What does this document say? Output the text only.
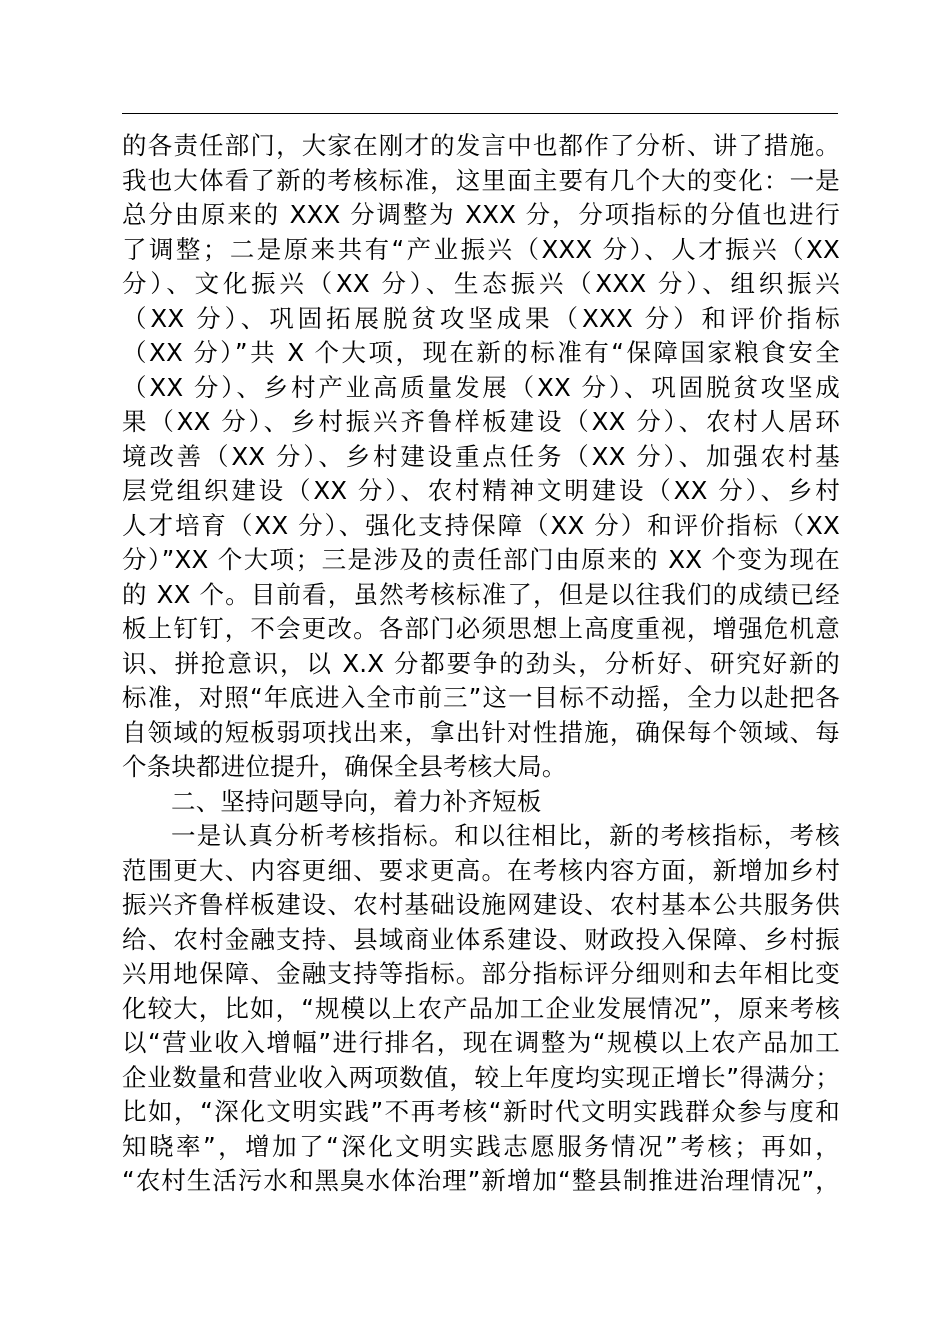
的各责任部门，大家在刚才的发言中也都作了分析、讲了措施。
我也大体看了新的考核标准，这里面主要有几个大的变化：一是
总分由原来的 XXX 分调整为 XXX 分，分项指标的分值也进行
了调整；二是原来共有“产业振兴（XXX 分）、人才振兴（XX
分）、文化振兴（XX 分）、生态振兴（XXX 分）、组织振兴
（XX 分）、巩固拓展脱贫攻坚成果（XXX 分）和评价指标
（XX 分）”共 X 个大项，现在新的标准有“保障国家粮食安全
（XX 分）、乡村产业高质量发展（XX 分）、巩固脱贫攻坚成
果（XX 分）、乡村振兴齐鲁样板建设（XX 分）、农村人居环
境改善（XX 分）、乡村建设重点任务（XX 分）、加强农村基
层党组织建设（XX 分）、农村精神文明建设（XX 分）、乡村
人才培育（XX 分）、强化支持保障（XX 分）和评价指标（XX
分）”XX 个大项；三是涉及的责任部门由原来的 XX 个变为现在
的 XX 个。目前看，虽然考核标准了，但是以往我们的成绩已经
板上钉钉，不会更改。各部门必须思想上高度重视，增强危机意
识、拼抢意识，以 X.X 分都要争的劲头，分析好、研究好新的
标准，对照“年底进入全市前三”这一目标不动摇，全力以赴把各
自领域的短板弱项找出来，拿出针对性措施，确保每个领域、每
个条块都进位提升，确保全县考核大局。
二、坚持问题导向，着力补齐短板
一是认真分析考核指标。和以往相比，新的考核指标，考核
范围更大、内容更细、要求更高。在考核内容方面，新增加乡村
振兴齐鲁样板建设、农村基础设施网建设、农村基本公共服务供
给、农村金融支持、县域商业体系建设、财政投入保障、乡村振
兴用地保障、金融支持等指标。部分指标评分细则和去年相比变
化较大，比如，“规模以上农产品加工企业发展情况”，原来考核
以“营业收入增幅”进行排名，现在调整为“规模以上农产品加工
企业数量和营业收入两项数值，较上年度均实现正增长”得满分；
比如，“深化文明实践”不再考核“新时代文明实践群众参与度和
知晓率”，增加了“深化文明实践志愿服务情况”考核；再如，
“农村生活污水和黑臭水体治理”新增加“整县制推进治理情况”，
